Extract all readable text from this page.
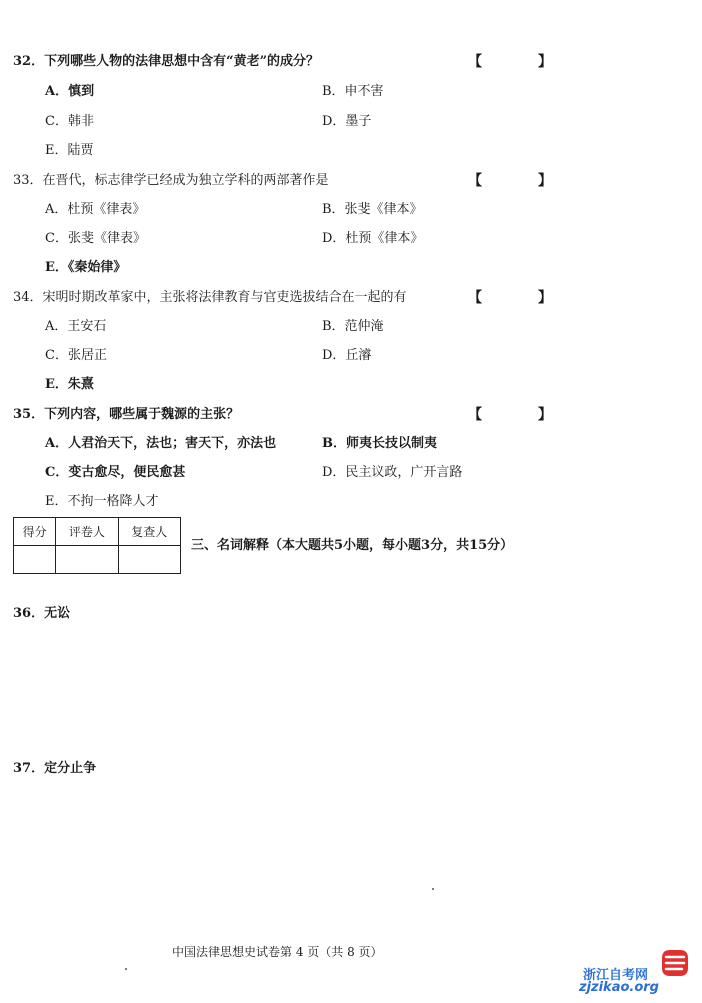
32．下列哪些人物的法律思想中含有“黄老”的成分？	【　　　　】
A．慎到	B．申不害
C．韩非	D．墨子
E．陆贾
33．在晋代，标志律学已经成为独立学科的两部著作是	【　　　　】
A．杜预《律表》	B．张斐《律本》
C．张斐《律表》	D．杜预《律本》
E．《秦始律》
34．宋明时期改革家中，主张将法律教育与官吏选拔结合在一起的有	【　　　　】
A．王安石	B．范仲淹
C．张居正	D．丘濬
E．朱熹
35．下列内容，哪些属于魏源的主张？	【　　　　】
A．人君治天下，法也；害天下，亦法也	B．师夷长技以制夷
C．变古愈尽，便民愈甚	D．民主议政，广开言路
E．不拘一格降人才
得分	评卷人	复查人

三、名词解释（本大题共5小题，每小题3分，共15分）
36．无讼
37．定分止争
中国法律思想史试卷第 4 页（共 8 页）
浙江自考网
zjzikao.org
